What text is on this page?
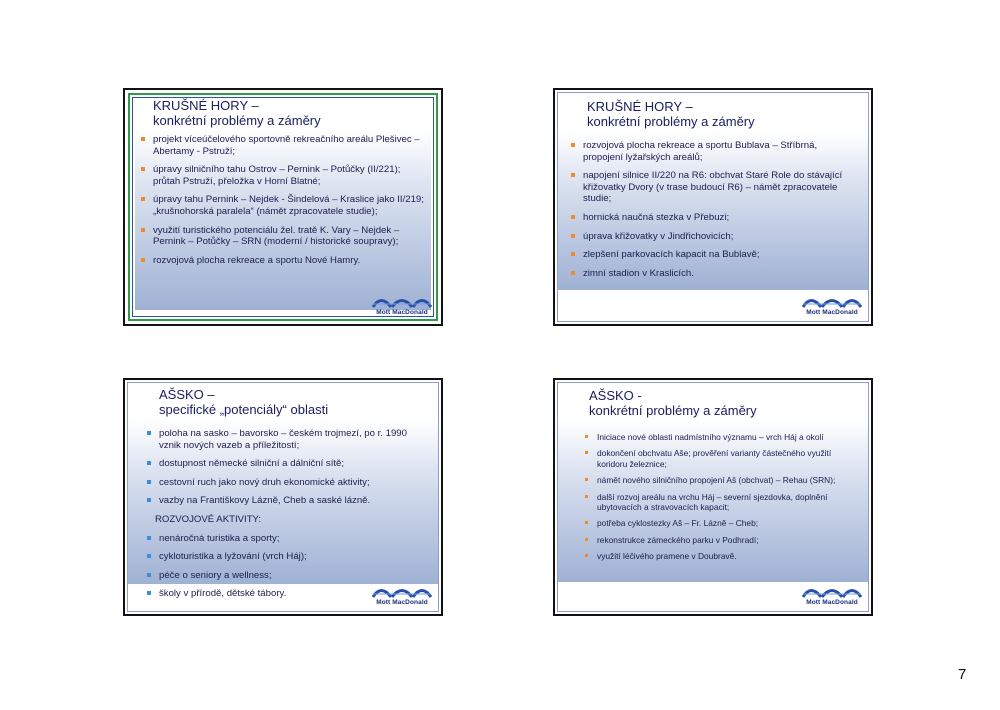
KRUŠNÉ HORY –
konkrétní problémy a záměry
projekt víceúčelového sportovně rekreačního areálu Plešivec – Abertamy - Pstruží;
úpravy silničního tahu Ostrov – Pernink – Potůčky (II/221); průtah Pstruží, přeložka v Horní Blatné;
úpravy tahu Pernink – Nejdek - Šindelová – Kraslice jako II/219; „krušnohorská paralela“ (námět zpracovatele studie);
využití turistického potenciálu žel. tratě K. Vary – Nejdek – Pernink – Potůčky – SRN (moderní / historické soupravy);
rozvojová plocha rekreace a sportu Nové Hamry.
Mott MacDonald
KRUŠNÉ HORY –
konkrétní problémy a záměry
rozvojová plocha rekreace a sportu Bublava – Stříbrná, propojení lyžařských areálů;
napojení silnice II/220 na R6: obchvat Staré Role do stávající křižovatky Dvory (v trase budoucí R6) – námět zpracovatele studie;
hornická naučná stezka v Přebuzi;
úprava křižovatky v Jindřichovicích;
zlepšení parkovacích kapacit na Bublavě;
zimní stadion v Kraslicích.
Mott MacDonald
AŠSKO –
specifické „potenciály“ oblasti
poloha na sasko – bavorsko – českém trojmezí, po r. 1990 vznik nových vazeb a příležitostí;
dostupnost německé silniční a dálniční sítě;
cestovní ruch jako nový druh ekonomické aktivity;
vazby na Františkovy Lázně, Cheb a saské lázně.
ROZVOJOVÉ AKTIVITY:
nenáročná turistika a sporty;
cykloturistika a lyžování (vrch Háj);
péče o seniory a wellness;
školy v přírodě, dětské tábory.
Mott MacDonald
AŠSKO -
konkrétní problémy a záměry
Iniciace nové oblasti nadmístního významu – vrch Háj a okolí
dokončení obchvatu Aše; prověření varianty částečného využití koridoru železnice;
námět nového silničního propojení Aš (obchvat) – Rehau (SRN);
další rozvoj areálu na vrchu Háj – severní sjezdovka, doplnění ubytovacích a stravovacích kapacit;
potřeba cyklostezky Aš – Fr. Lázně – Cheb;
rekonstrukce zámeckého parku v Podhradí;
využití léčivého pramene v Doubravě.
Mott MacDonald
7
